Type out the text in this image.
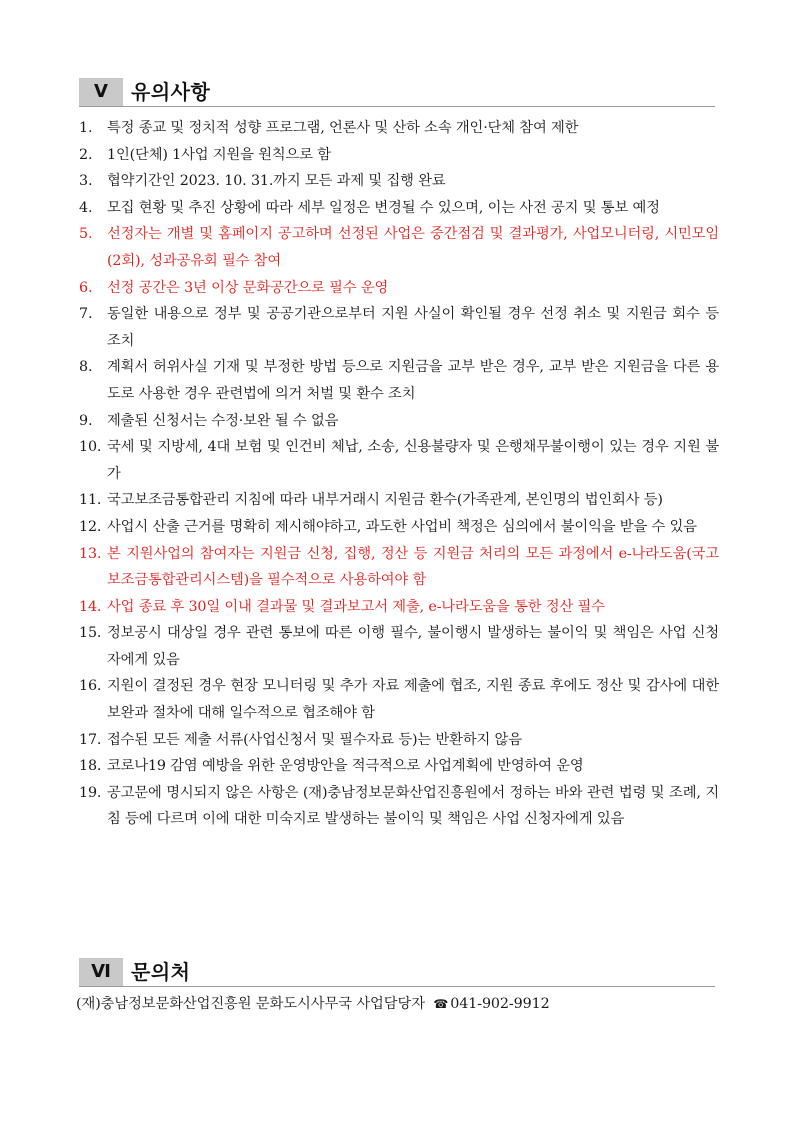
V	유의사항
1. 특정 종교 및 정치적 성향 프로그램, 언론사 및 산하 소속 개인·단체 참여 제한
2. 1인(단체) 1사업 지원을 원칙으로 함
3. 협약기간인 2023. 10. 31.까지 모든 과제 및 집행 완료
4. 모집 현황 및 추진 상황에 따라 세부 일정은 변경될 수 있으며, 이는 사전 공지 및 통보 예정
5. 선정자는 개별 및 홈페이지 공고하며 선정된 사업은 중간점검 및 결과평가, 사업모니터링, 시민모임(2회), 성과공유회 필수 참여
6. 선정 공간은 3년 이상 문화공간으로 필수 운영
7. 동일한 내용으로 정부 및 공공기관으로부터 지원 사실이 확인될 경우 선정 취소 및 지원금 회수 등 조치
8. 계획서 허위사실 기재 및 부정한 방법 등으로 지원금을 교부 받은 경우, 교부 받은 지원금을 다른 용도로 사용한 경우 관련법에 의거 처벌 및 환수 조치
9. 제출된 신청서는 수정·보완 될 수 없음
10. 국세 및 지방세, 4대 보험 및 인건비 체납, 소송, 신용불량자 및 은행채무불이행이 있는 경우 지원 불가
11. 국고보조금통합관리 지침에 따라 내부거래시 지원금 환수(가족관계, 본인명의 법인회사 등)
12. 사업시 산출 근거를 명확히 제시해야하고, 과도한 사업비 책정은 심의에서 불이익을 받을 수 있음
13. 본 지원사업의 참여자는 지원금 신청, 집행, 정산 등 지원금 처리의 모든 과정에서 e-나라도움(국고보조금통합관리시스템)을 필수적으로 사용하여야 함
14. 사업 종료 후 30일 이내 결과물 및 결과보고서 제출, e-나라도움을 통한 정산 필수
15. 정보공시 대상일 경우 관련 통보에 따른 이행 필수, 불이행시 발생하는 불이익 및 책임은 사업 신청자에게 있음
16. 지원이 결정된 경우 현장 모니터링 및 추가 자료 제출에 협조, 지원 종료 후에도 정산 및 감사에 대한 보완과 절차에 대해 일수적으로 협조해야 함
17. 접수된 모든 제출 서류(사업신청서 및 필수자료 등)는 반환하지 않음
18. 코로나19 감염 예방을 위한 운영방안을 적극적으로 사업계획에 반영하여 운영
19. 공고문에 명시되지 않은 사항은 (재)충남정보문화산업진흥원에서 정하는 바와 관련 법령 및 조례, 지침 등에 다르며 이에 대한 미숙지로 발생하는 불이익 및 책임은 사업 신청자에게 있음
Ⅵ	문의처
(재)충남정보문화산업진흥원 문화도시사무국 사업담당자 ☎ 041-902-9912
